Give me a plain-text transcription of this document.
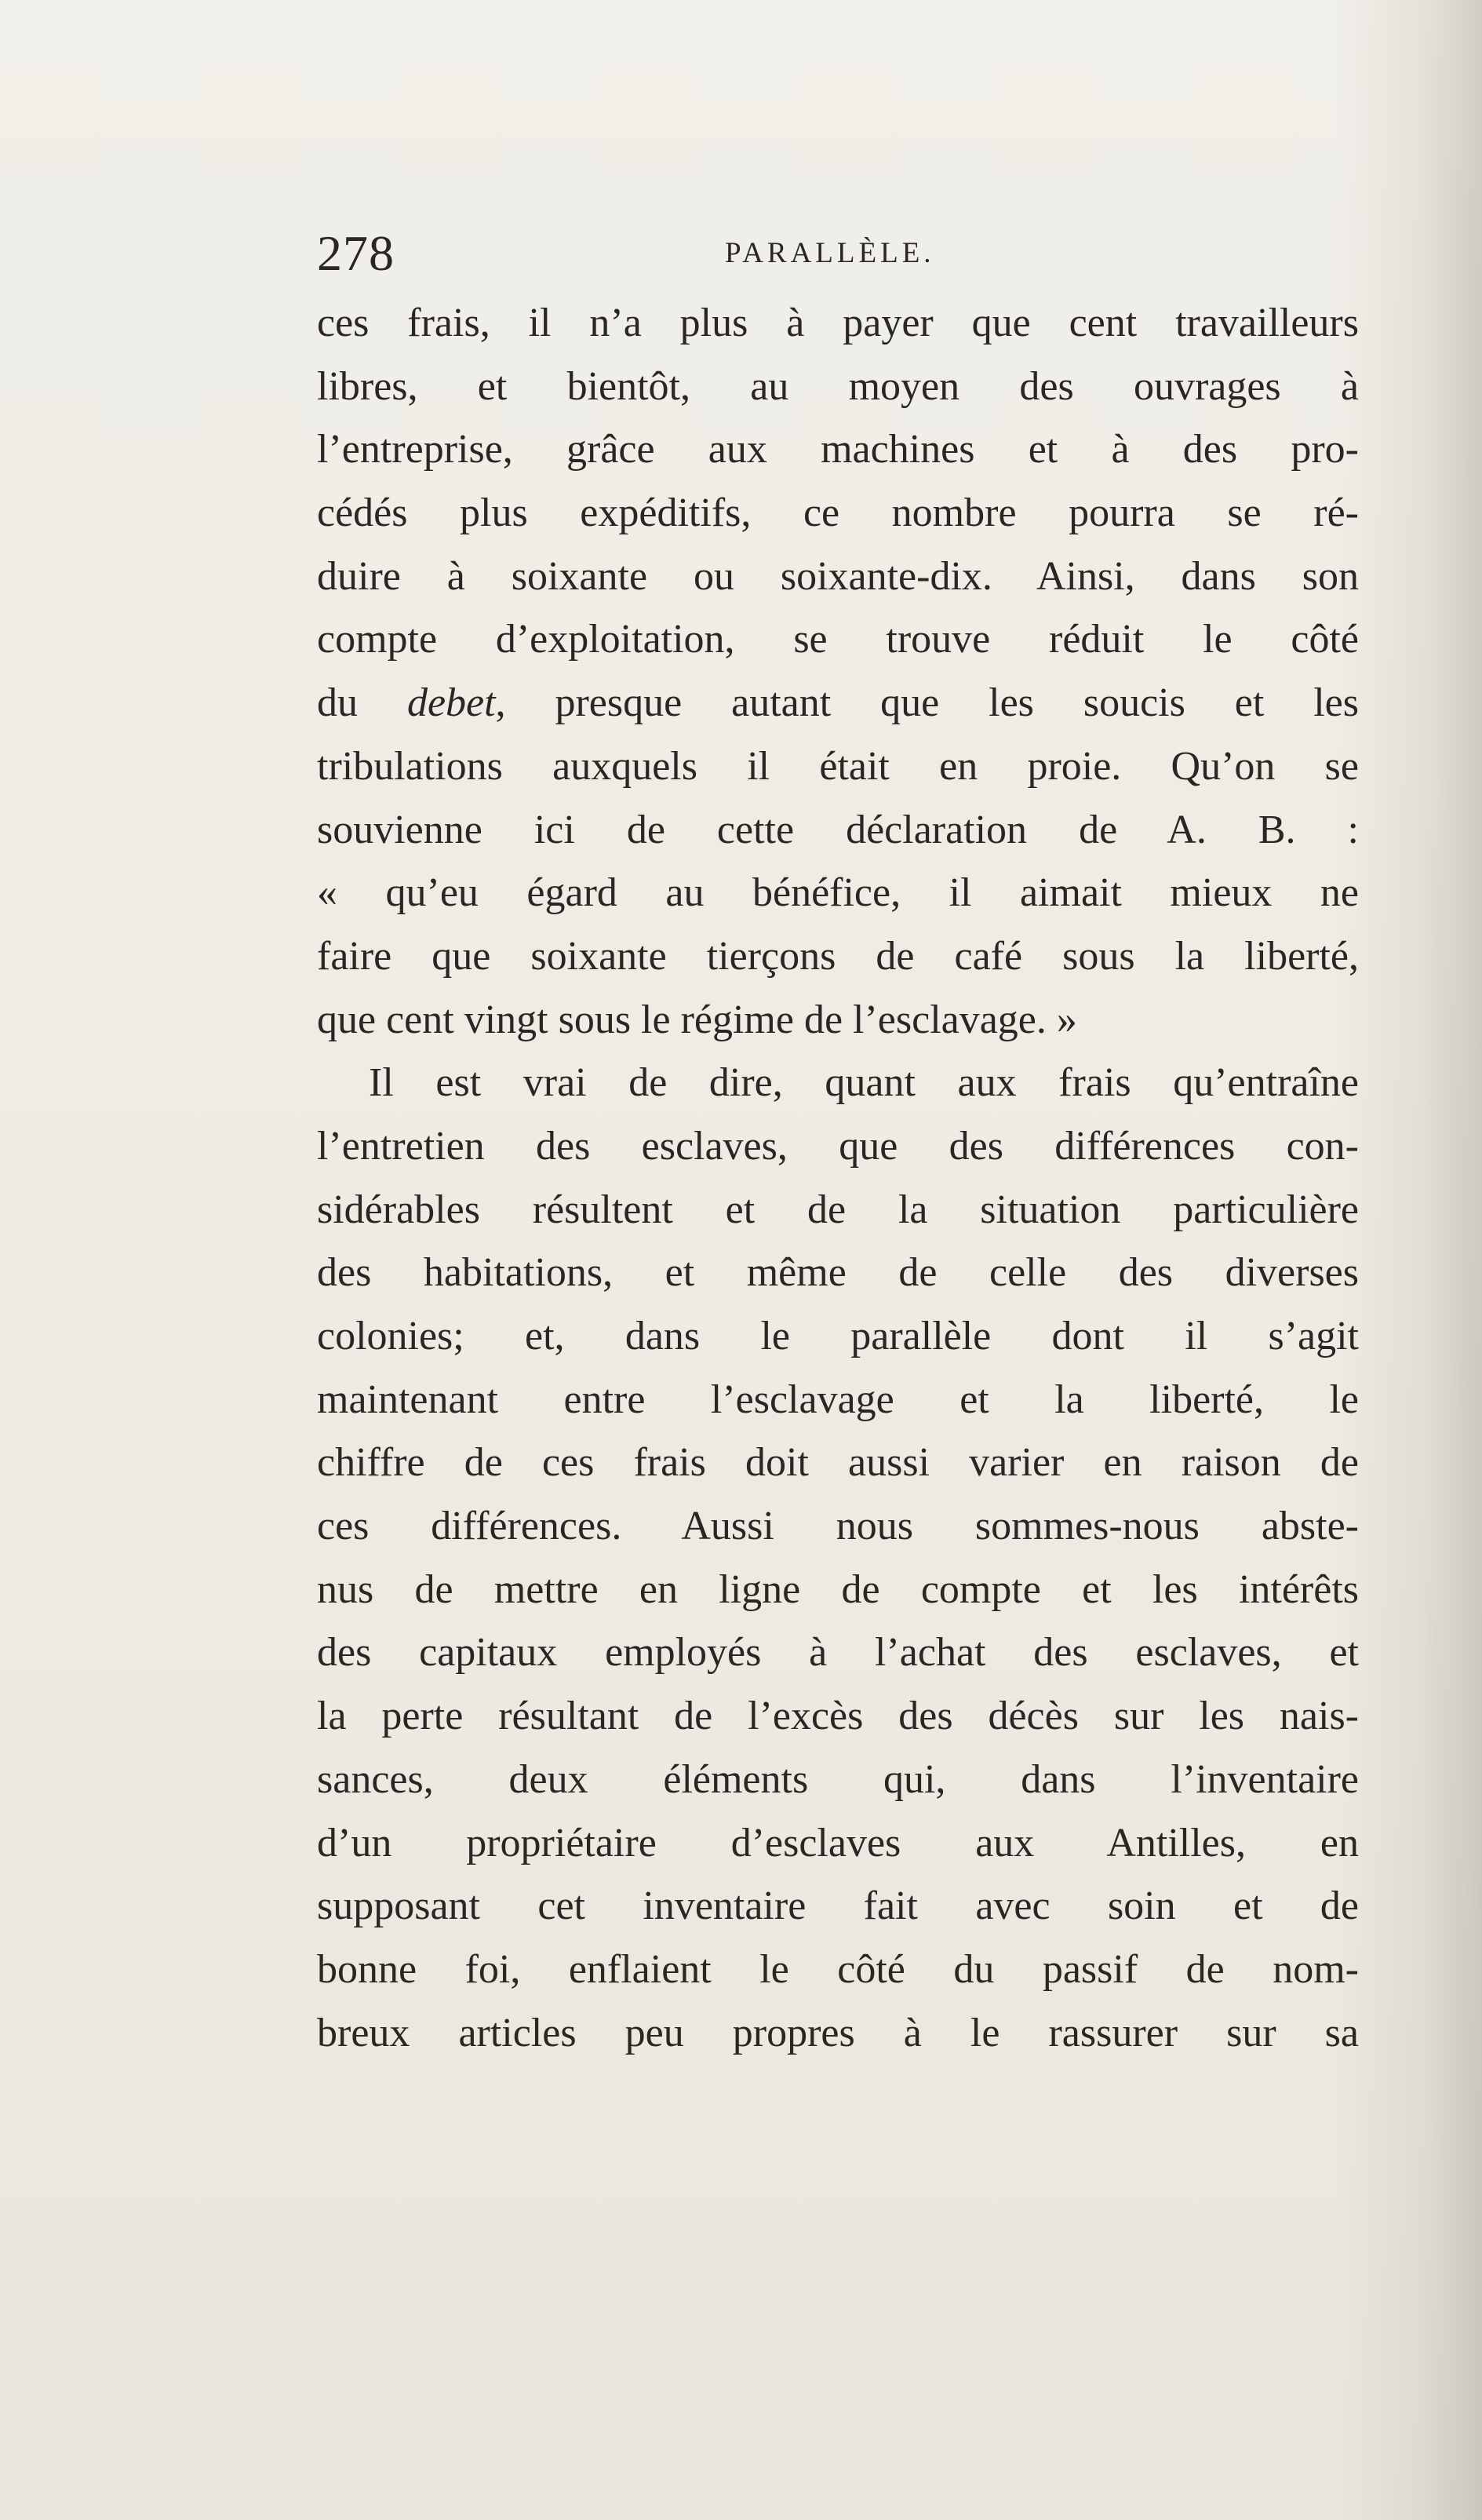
278	PARALLÈLE.
ces frais, il n’a plus à payer que cent travailleurs
libres, et bientôt, au moyen des ouvrages à
l’entreprise, grâce aux machines et à des pro-
cédés plus expéditifs, ce nombre pourra se ré-
duire à soixante ou soixante-dix. Ainsi, dans son
compte d’exploitation, se trouve réduit le côté
du debet, presque autant que les soucis et les
tribulations auxquels il était en proie. Qu’on se
souvienne ici de cette déclaration de A. B. :
« qu’eu égard au bénéfice, il aimait mieux ne
faire que soixante tierçons de café sous la liberté,
que cent vingt sous le régime de l’esclavage. »
Il est vrai de dire, quant aux frais qu’entraîne
l’entretien des esclaves, que des différences con-
sidérables résultent et de la situation particulière
des habitations, et même de celle des diverses
colonies; et, dans le parallèle dont il s’agit
maintenant entre l’esclavage et la liberté, le
chiffre de ces frais doit aussi varier en raison de
ces différences. Aussi nous sommes-nous abste-
nus de mettre en ligne de compte et les intérêts
des capitaux employés à l’achat des esclaves, et
la perte résultant de l’excès des décès sur les nais-
sances, deux éléments qui, dans l’inventaire
d’un propriétaire d’esclaves aux Antilles, en
supposant cet inventaire fait avec soin et de
bonne foi, enflaient le côté du passif de nom-
breux articles peu propres à le rassurer sur sa
